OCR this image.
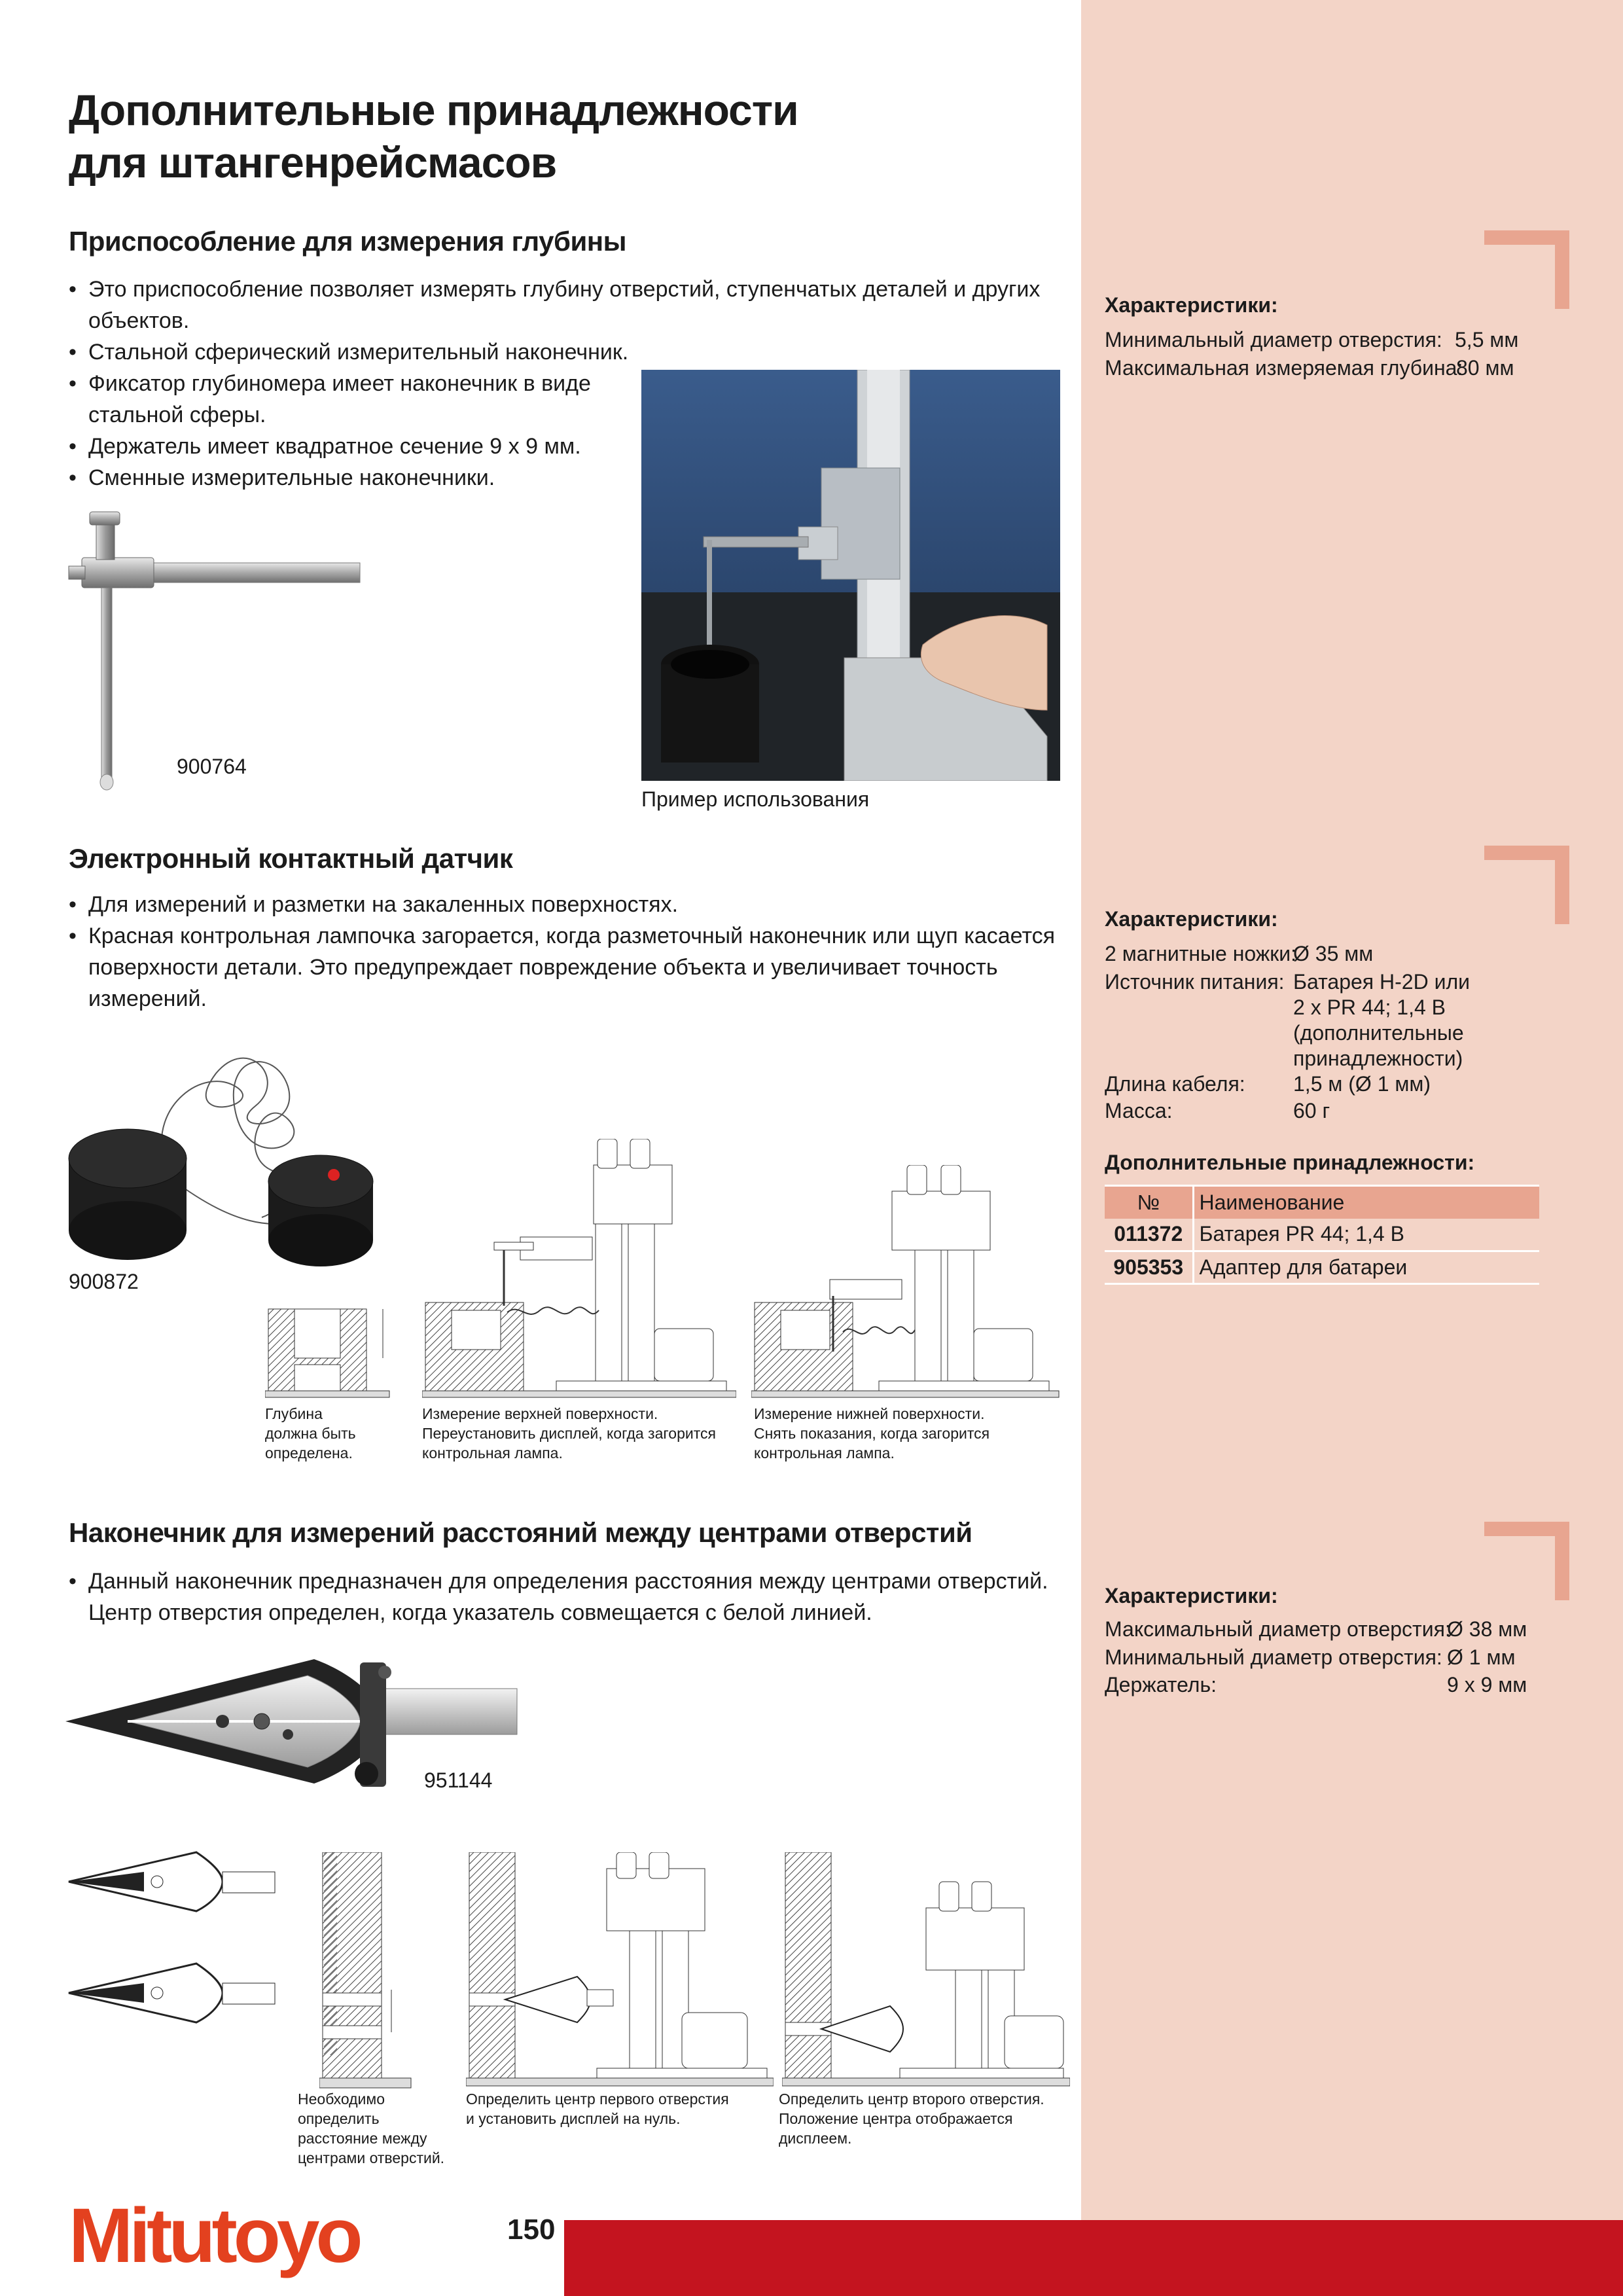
Дополнительные принадлежности
для штангенрейсмасов
Приспособление для измерения глубины
• Это приспособление позволяет измерять глубину отверстий, ступенчатых деталей и других объектов.
• Стальной сферический измерительный наконечник.
• Фиксатор глубиномера имеет наконечник в виде стальной сферы.
• Держатель имеет квадратное сечение 9 x 9 мм.
• Сменные измерительные наконечники.
900764
Пример использования
Характеристики:
Минимальный диаметр отверстия: 5,5 мм
Максимальная измеряемая глубина:
80 мм
Электронный контактный датчик
• Для измерений и разметки на закаленных поверхностях.
• Красная контрольная лампочка загорается, когда разметочный наконечник или щуп касается поверхности детали. Это предупреждает повреждение объекта и увеличивает точность измерений.
900872
Глубина
должна быть
определена.
Измерение верхней поверхности.
Переустановить дисплей, когда загорится
контрольная лампа.
Измерение нижней поверхности.
Снять показания, когда загорится
контрольная лампа.
Характеристики:
2 магнитные ножки:
Ø 35 мм
Источник питания: Батарея H-2D или
2 x PR 44; 1,4 В
(дополнительные
принадлежности)
Длина кабеля: 1,5 м (Ø 1 мм)
Масса:	60 г
Дополнительные принадлежности:
№	Наименование
011372	Батарея PR 44; 1,4 В
905353	Адаптер для батареи
Наконечник для измерений расстояний между центрами отверстий
• Данный наконечник предназначен для определения расстояния между центрами отверстий. Центр отверстия определен, когда указатель совмещается с белой линией.
951144
Необходимо
определить
расстояние между
центрами отверстий.
Определить центр первого отверстия
и установить дисплей на нуль.
Определить центр второго отверстия.
Положение центра отображается
дисплеем.
Характеристики:
Максимальный диаметр отверстия:
Ø 38 мм
Минимальный диаметр отверстия: Ø 1 мм
Держатель:	9 x 9 мм
Mitutoyo	150
